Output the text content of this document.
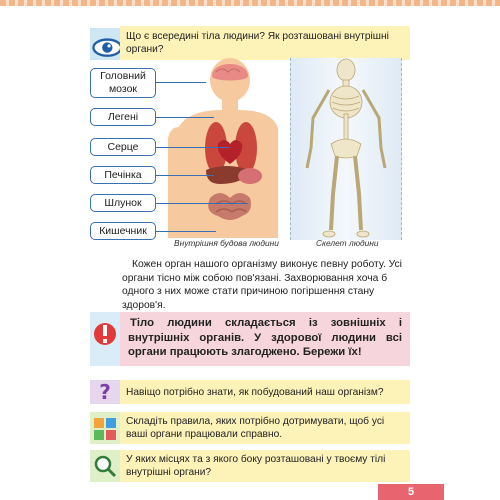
Що є всередині тіла людини? Як розташовані внутрішні органи?
Головний мозок
Легені
Серце
Печінка
Шлунок
Кишечник
Внутрішня будова людини	Скелет людини
Кожен орган нашого організму виконує певну роботу. Усі органи тісно між собою пов'язані. Захворювання хоча б одного з них може стати причиною погіршення стану здоров'я.
Тіло людини складається із зовнішніх і внутрішніх органів. У здорової людини всі органи працюють злагоджено. Бережи їх!
?	Навіщо потрібно знати, як побудований наш організм?
Складіть правила, яких потрібно дотримувати, щоб усі ваші органи працювали справно.
У яких місцях та з якого боку розташовані у твоєму тілі внутрішні органи?
5
